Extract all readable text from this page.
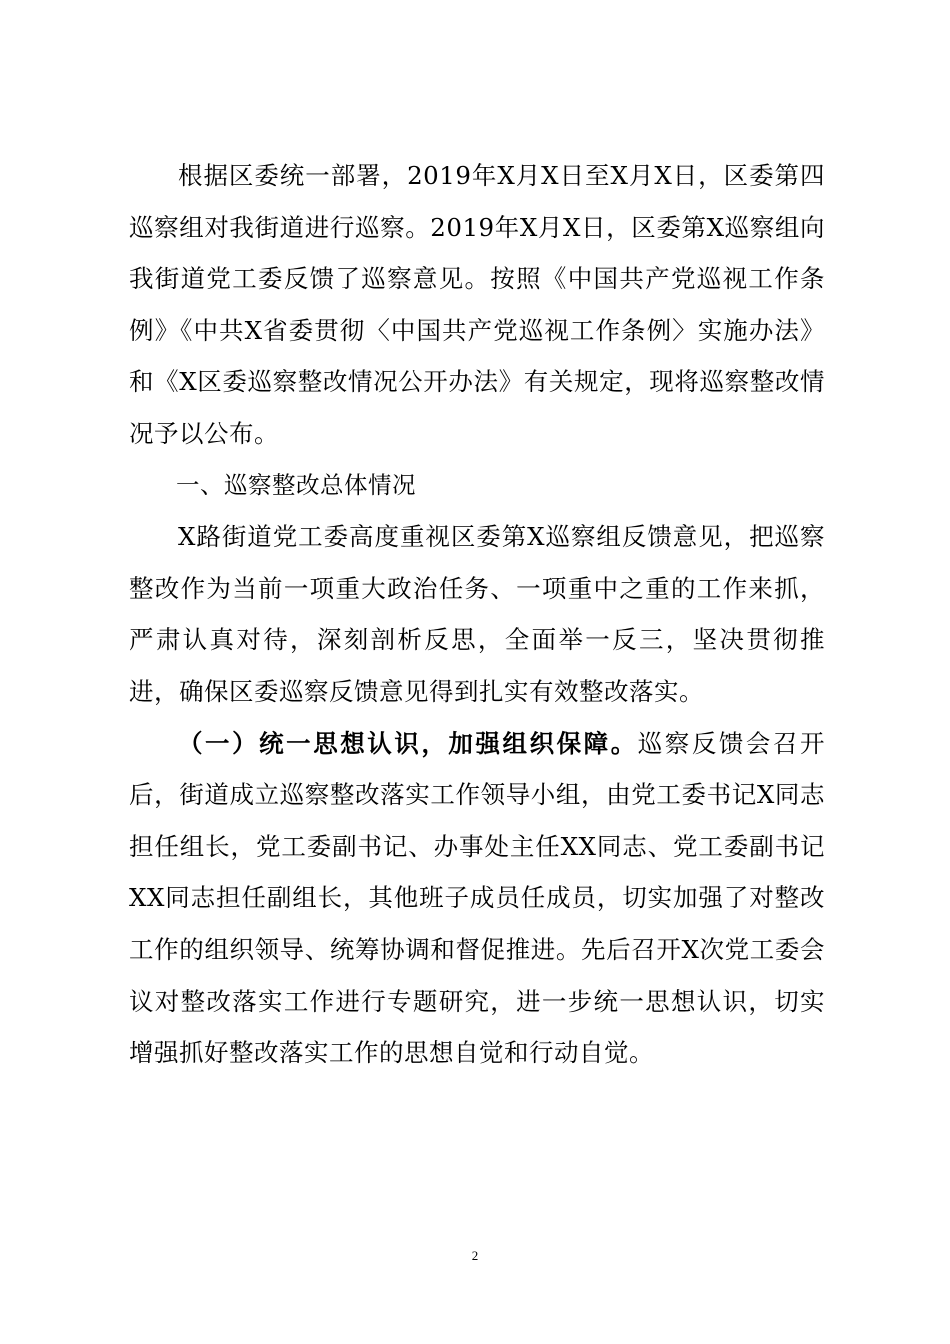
根据区委统一部署，2019年X月X日至X月X日，区委第四巡察组对我街道进行巡察。2019年X月X日，区委第X巡察组向我街道党工委反馈了巡察意见。按照《中国共产党巡视工作条例》《中共X省委贯彻〈中国共产党巡视工作条例〉实施办法》和《X区委巡察整改情况公开办法》有关规定，现将巡察整改情况予以公布。

一、巡察整改总体情况

X路街道党工委高度重视区委第X巡察组反馈意见，把巡察整改作为当前一项重大政治任务、一项重中之重的工作来抓，严肃认真对待，深刻剖析反思，全面举一反三，坚决贯彻推进，确保区委巡察反馈意见得到扎实有效整改落实。

（一）统一思想认识，加强组织保障。巡察反馈会召开后，街道成立巡察整改落实工作领导小组，由党工委书记X同志担任组长，党工委副书记、办事处主任XX同志、党工委副书记XX同志担任副组长，其他班子成员任成员，切实加强了对整改工作的组织领导、统筹协调和督促推进。先后召开X次党工委会议对整改落实工作进行专题研究，进一步统一思想认识，切实增强抓好整改落实工作的思想自觉和行动自觉。

2
